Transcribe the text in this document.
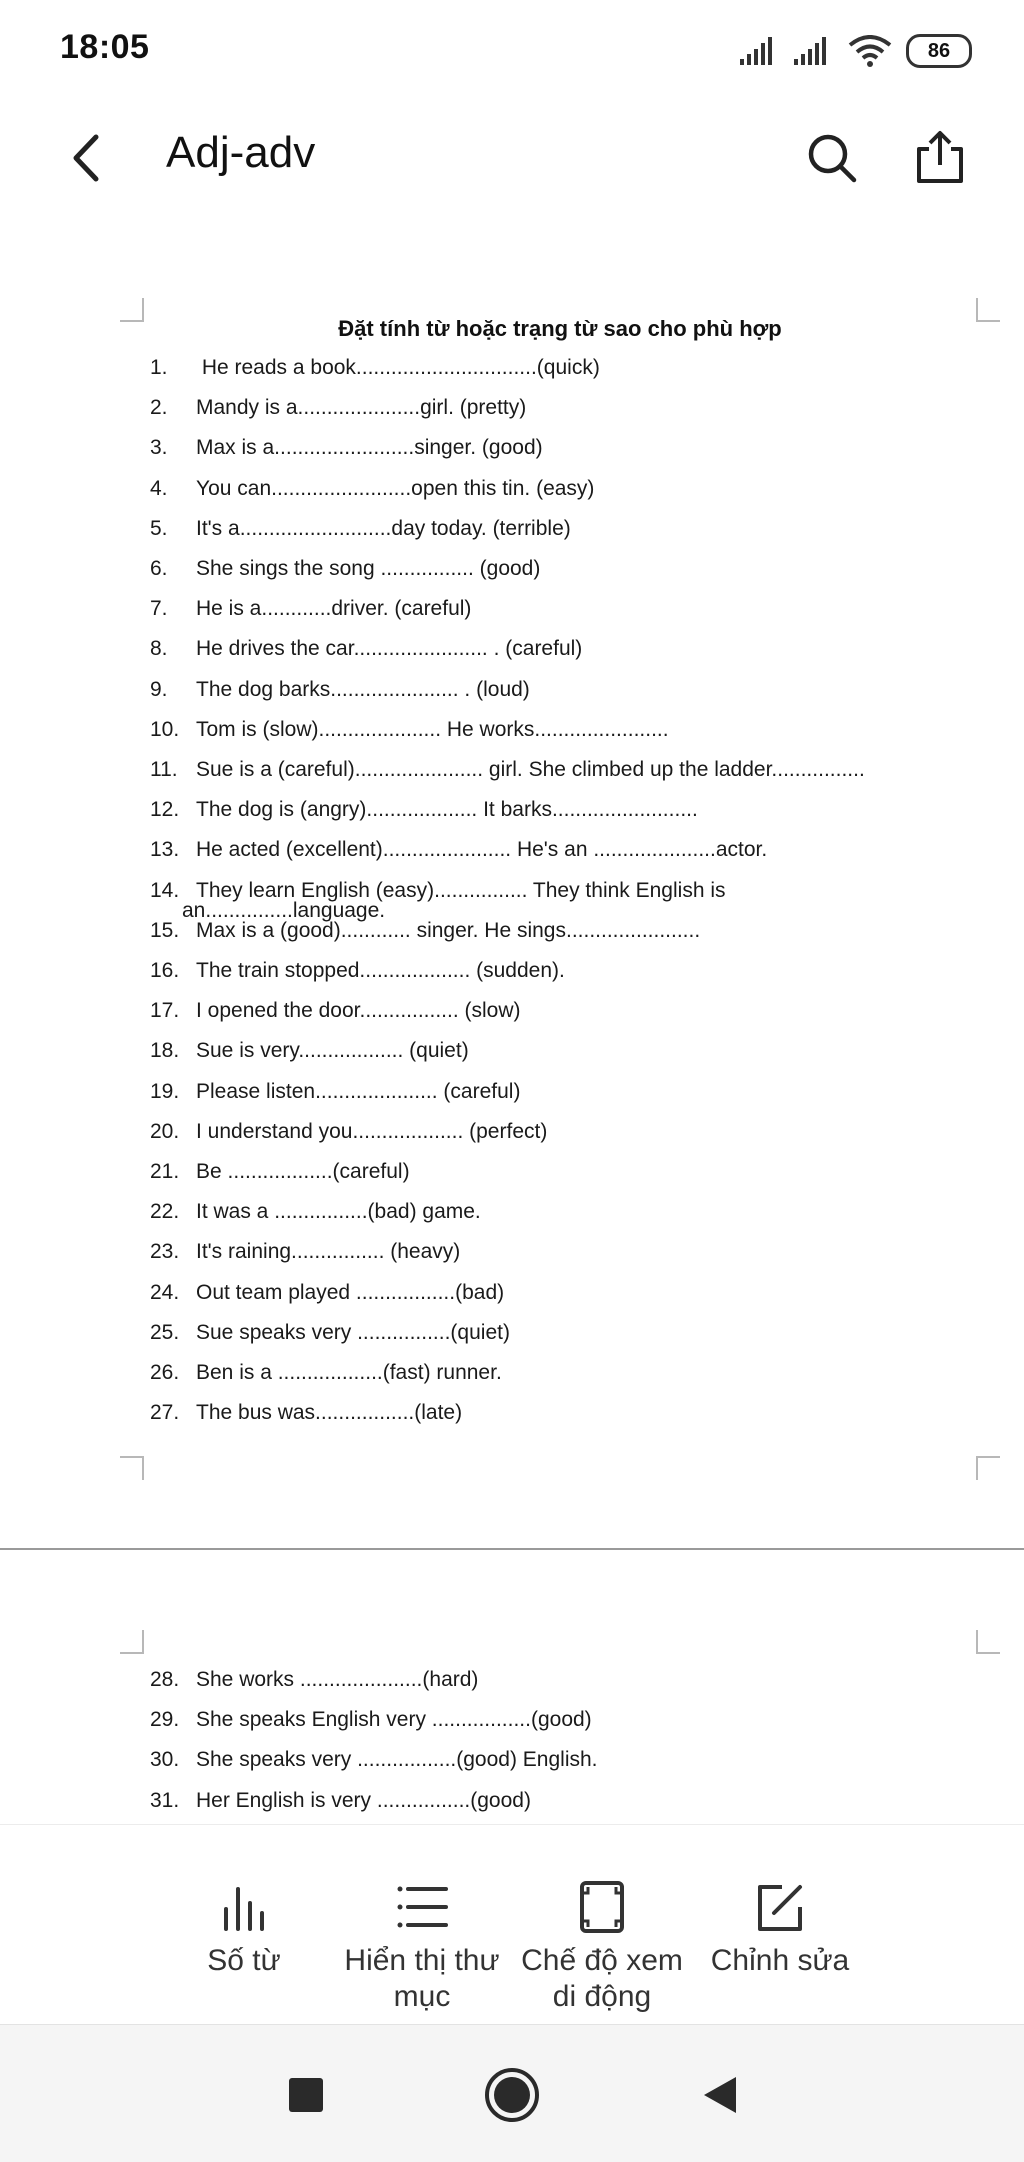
18:05	86
Adj-adv
Đặt tính từ hoặc trạng từ sao cho phù hợp
1. He reads a book...............................(quick)
2. Mandy is a.....................girl. (pretty)
3. Max is a........................singer. (good)
4. You can........................open this tin. (easy)
5. It's a..........................day today. (terrible)
6. She sings the song ................ (good)
7. He is a............driver. (careful)
8. He drives the car....................... . (careful)
9. The dog barks...................... . (loud)
10. Tom is (slow)..................... He works.......................
11. Sue is a (careful)...................... girl. She climbed up the ladder................
12. The dog is (angry)................... It barks.........................
13. He acted (excellent)...................... He's an .....................actor.
14. They learn English (easy)................ They think English is
15. Max is a (good)............ singer. He sings.......................
16. The train stopped................... (sudden).
17. I opened the door................. (slow)
18. Sue is very.................. (quiet)
19. Please listen..................... (careful)
20. I understand you................... (perfect)
21. Be ..................(careful)
22. It was a ................(bad) game.
23. It's raining................ (heavy)
24. Out team played .................(bad)
25. Sue speaks very ................(quiet)
26. Ben is a ..................(fast) runner.
27. The bus was.................(late)
an...............language.
28. She works .....................(hard)
29. She speaks English very .................(good)
30. She speaks very .................(good) English.
31. Her English is very ................(good)
Số từ	Hiển thị thư
mục
Chế độ xem
di động
Chỉnh sửa
